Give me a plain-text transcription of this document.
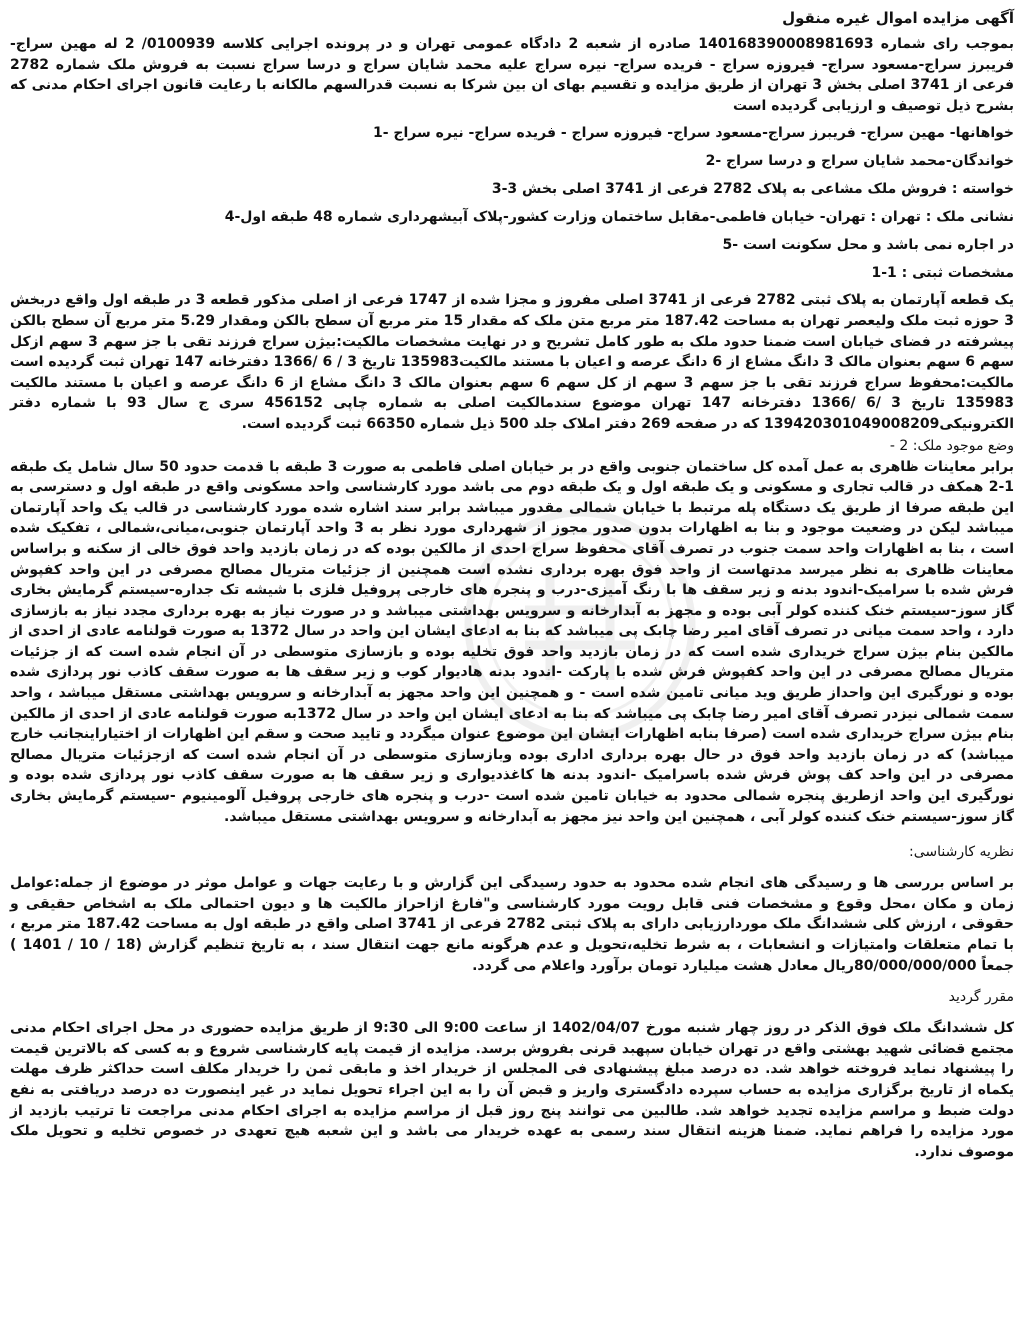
آگهی مزایده اموال غیره منقول

بموجب رای شماره 140168390008981693 صادره از شعبه 2 دادگاه عمومی تهران و در پرونده اجرایی کلاسه 0100939/ 2 له مهین سراج- فریبرز سراج-مسعود سراج- فیروزه سراج - فریده سراج- نیره سراج علیه محمد شایان سراج و درسا سراج نسبت به فروش ملک شماره 2782 فرعی از 3741 اصلی بخش 3 تهران از طریق مزایده و تقسیم بهای ان بین شرکا به نسبت قدرالسهم مالکانه با رعایت قانون اجرای احکام مدنی که بشرح ذیل توصیف و ارزیابی گردیده است

خواهانها- مهین سراج- فریبرز سراج-مسعود سراج- فیروزه سراج - فریده سراج- نیره سراج -1

خواندگان-محمد شایان سراج و درسا سراج -2

خواسته : فروش ملک مشاعی به پلاک 2782 فرعی از 3741 اصلی بخش 3-3

نشانی ملک : تهران : تهران- خیابان فاطمی-مقابل ساختمان وزارت کشور-پلاک آبیشهرداری شماره 48 طبقه اول-4

در اجاره نمی باشد و محل سکونت است -5

مشخصات ثبتی : 1-1

یک قطعه آپارتمان به پلاک ثبتی 2782 فرعی از 3741 اصلی مفروز و مجزا شده از 1747 فرعی از اصلی مذکور قطعه 3 در طبقه اول واقع دربخش 3 حوزه ثبت ملک ولیعصر تهران به مساحت 187.42 متر مربع متن ملک که مقدار 15 متر مربع آن سطح بالکن ومقدار 5.29 متر مربع آن سطح بالکن پیشرفته در فضای خیابان است ضمنا حدود ملک به طور کامل تشریح و در نهایت مشخصات مالکیت:بیژن سراج فرزند تقی با جز سهم 3 سهم ازکل سهم 6 سهم بعنوان مالک 3 دانگ مشاع از 6 دانگ عرصه و اعیان با مستند مالکیت135983 تاریخ 3 / 6 /1366 دفترخانه 147 تهران ثبت گردیده است مالکیت:محفوظ سراج فرزند تقی با جز سهم 3 سهم از کل سهم 6 سهم بعنوان مالک 3 دانگ مشاع از 6 دانگ عرصه و اعیان با مستند مالکیت 135983 تاریخ 3 /6 /1366 دفترخانه 147 تهران موضوع سندمالکیت اصلی به شماره چاپی 456152 سری ج سال 93 با شماره دفتر الکترونیکی139420301049008209 که در صفحه 269 دفتر املاک جلد 500 ذیل شماره 66350 ثبت گردیده است.

وضع موجود ملک: 2 -

برابر معاینات ظاهری به عمل آمده کل ساختمان جنوبی واقع در بر خیابان اصلی فاطمی به صورت 3 طبقه با قدمت حدود 50 سال شامل یک طبقه 1-2 همکف در قالب تجاری و مسکونی و یک طبقه اول و یک طبقه دوم می باشد مورد کارشناسی واحد مسکونی واقع در طبقه اول و دسترسی به این طبقه صرفا از طریق یک دستگاه پله مرتبط با خیابان شمالی مقدور میباشد برابر سند اشاره شده مورد کارشناسی در قالب یک واحد آپارتمان میباشد لیکن در وضعیت موجود و بنا به اظهارات بدون صدور مجوز از شهرداری مورد نظر به 3 واحد آپارتمان جنوبی،میانی،شمالی ، تفکیک شده است ، بنا به اظهارات واحد سمت جنوب در تصرف آقای محفوظ سراج احدی از مالکین بوده که در زمان بازدید واحد فوق خالی از سکنه و براساس معاینات ظاهری به نظر میرسد مدتهاست از واحد فوق بهره برداری نشده است همچنین از جزئیات متریال مصالح مصرفی در این واحد کفپوش فرش شده با سرامیک-اندود بدنه و زیر سقف ها با رنگ آمیزی-درب و پنجره های خارجی پروفیل فلزی با شیشه تک جداره-سیستم گرمایش بخاری گاز سوز-سیستم خنک کننده کولر آبی بوده و مجهز به آبدارخانه و سرویس بهداشتی میباشد و در صورت نیاز به بهره برداری مجدد نیاز به بازسازی دارد ، واحد سمت میانی در تصرف آقای امیر رضا چابک پی میباشد که بنا به ادعای ایشان این واحد در سال 1372 به صورت قولنامه عادی از احدی از مالکین بنام بیژن سراج خریداری شده است که در زمان بازدید واحد فوق تخلیه بوده و بازسازی متوسطی در آن انجام شده است که از جزئیات متریال مصالح مصرفی در این واحد کفپوش فرش شده با پارکت -اندود بدنه هادیوار کوب و زیر سقف ها به صورت سقف کاذب نور پردازی شده بوده و نورگیری این واحداز طریق وید میانی تامین شده است - و همچنین این واحد مجهز به آبدارخانه و سرویس بهداشتی مستقل میباشد ، واحد سمت شمالی نیزدر تصرف آقای امیر رضا چابک پی میباشد که بنا به ادعای ایشان این واحد در سال 1372به صورت قولنامه عادی از احدی از مالکین بنام بیژن سراج خریداری شده است (صرفا بنابه اظهارات ایشان این موضوع عنوان میگردد و تایید صحت و سقم این اظهارات از اختیاراینجانب خارج میباشد) که در زمان بازدید واحد فوق در حال بهره برداری اداری بوده وبازسازی متوسطی در آن انجام شده است که ازجزئیات متریال مصالح مصرفی در این واحد کف پوش فرش شده باسرامیک -اندود بدنه ها کاغذدیواری و زیر سقف ها به صورت سقف کاذب نور پردازی شده بوده و نورگیری این واحد ازطریق پنجره شمالی محدود به خیابان تامین شده است -درب و پنجره های خارجی پروفیل آلومینیوم -سیستم گرمایش بخاری گاز سوز-سیستم خنک کننده کولر آبی ، همچنین این واحد نیز مجهز به آبدارخانه و سرویس بهداشتی مستقل میباشد.

نظریه کارشناسی:

بر اساس بررسی ها و رسیدگی های انجام شده محدود به حدود رسیدگی این گزارش و با رعایت جهات و عوامل موثر در موضوع از جمله:عوامل زمان و مکان ،محل وقوع و مشخصات فنی قابل رویت مورد کارشناسی و"فارغ ازاحراز مالکیت ها و دیون احتمالی ملک به اشخاص حقیقی و حقوقی ، ارزش کلی ششدانگ ملک موردارزیابی دارای به پلاک ثبتی 2782 فرعی از 3741 اصلی واقع در طبقه اول به مساحت 187.42 متر مربع ، با تمام متعلقات وامتیازات و انشعابات ، به شرط تخلیه،تحویل و عدم هرگونه مانع جهت انتقال سند ، به تاریخ تنظیم گزارش (18 / 10 / 1401 ) جمعاً 80/000/000/000ریال معادل هشت میلیارد تومان برآورد واعلام می گردد.

مقرر گردید

کل ششدانگ ملک فوق الذکر در روز چهار شنبه مورخ 1402/04/07 از ساعت 9:00 الی 9:30 از طریق مزایده حضوری در محل اجرای احکام مدنی مجتمع قضائی شهید بهشتی واقع در تهران خیابان سپهبد قرنی بفروش برسد. مزایده از قیمت پایه کارشناسی شروع و به کسی که بالاترین قیمت را پیشنهاد نماید فروخته خواهد شد. ده درصد مبلغ پیشنهادی فی المجلس از خریدار اخذ و مابقی ثمن را خریدار مکلف است حداکثر ظرف مهلت یکماه از تاریخ برگزاری مزایده به حساب سپرده دادگستری واریز و قبض آن را به این اجراء تحویل نماید در غیر اینصورت ده درصد دریافتی به نفع دولت ضبط و مراسم مزایده تجدید خواهد شد. طالبین می توانند پنج روز قبل از مراسم مزایده به اجرای احکام مدنی مراجعت تا ترتیب بازدید از مورد مزایده را فراهم نماید. ضمنا هزینه انتقال سند رسمی به عهده خریدار می باشد و این شعبه هیچ تعهدی در خصوص تخلیه و تحویل ملک موصوف ندارد.
